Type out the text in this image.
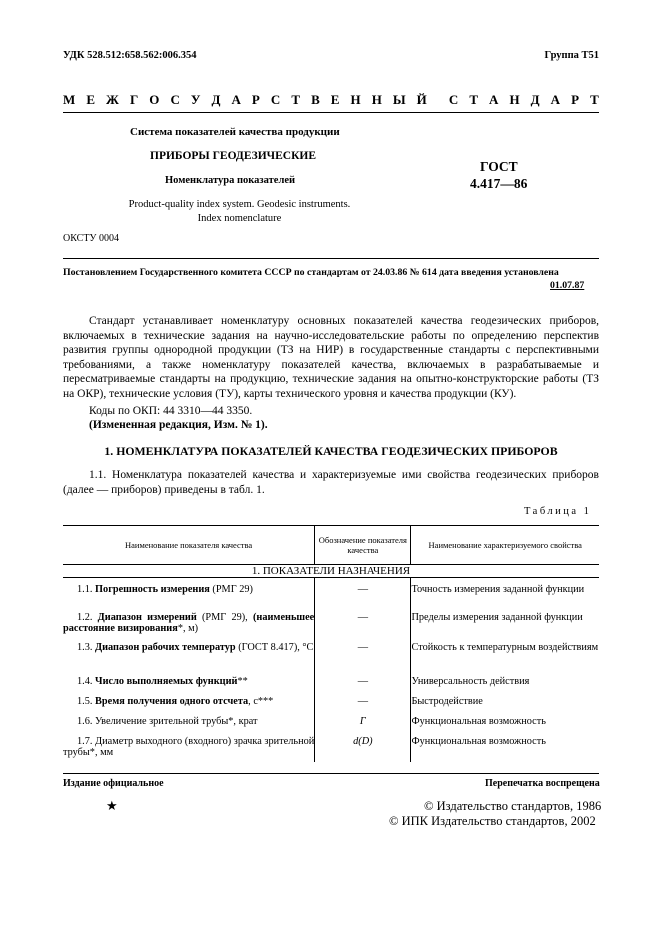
УДК 528.512:658.562:006.354	Группа Т51
М Е Ж Г О С У Д А Р С Т В Е Н Н Ы Й С Т А Н Д А Р Т
Система показателей качества продукции
ПРИБОРЫ ГЕОДЕЗИЧЕСКИЕ
Номенклатура показателей
Product-quality index system. Geodesic instruments.
Index nomenclature
ГОСТ
4.417—86
ОКСТУ 0004
Постановлением Государственного комитета СССР по стандартам от 24.03.86 № 614 дата введения установлена
01.07.87
Стандарт устанавливает номенклатуру основных показателей качества геодезических приборов, включаемых в технические задания на научно-исследовательские работы по определению перспектив развития группы однородной продукции (ТЗ на НИР) в государственные стандарты с перспективными требованиями, а также номенклатуру показателей качества, включаемых в разрабатываемые и пересматриваемые стандарты на продукцию, технические задания на опытно-конструкторские работы (ТЗ на ОКР), технические условия (ТУ), карты технического уровня и качества продукции (КУ).
Коды по ОКП: 44 3310—44 3350.
(Измененная редакция, Изм. № 1).
1. НОМЕНКЛАТУРА ПОКАЗАТЕЛЕЙ КАЧЕСТВА ГЕОДЕЗИЧЕСКИХ ПРИБОРОВ
1.1. Номенклатура показателей качества и характеризуемые ими свойства геодезических приборов (далее — приборов) приведены в табл. 1.
Таблица 1
Наименование показателя качества	Обозначение показателя качества	Наименование характеризуемого свойства
1. ПОКАЗАТЕЛИ НАЗНАЧЕНИЯ		
1.1. Погрешность измерения (РМГ 29)	—	Точность измерения заданной функции
1.2. Диапазон измерений (РМГ 29), (наименьшее расстояние визирования*, м)	—	Пределы измерения заданной функции
1.3. Диапазон рабочих температур (ГОСТ 8.417), °С	—	Стойкость к температурным воздействиям
1.4. Число выполняемых функций**	—	Универсальность действия
1.5. Время получения одного отсчета, с***	—	Быстродействие
1.6. Увеличение зрительной трубы*, крат	Г	Функциональная возможность
1.7. Диаметр выходного (входного) зрачка зрительной трубы*, мм	d(D)	Функциональная возможность
Издание официальное	Перепечатка воспрещена
★	© Издательство стандартов, 1986
© ИПК Издательство стандартов, 2002
